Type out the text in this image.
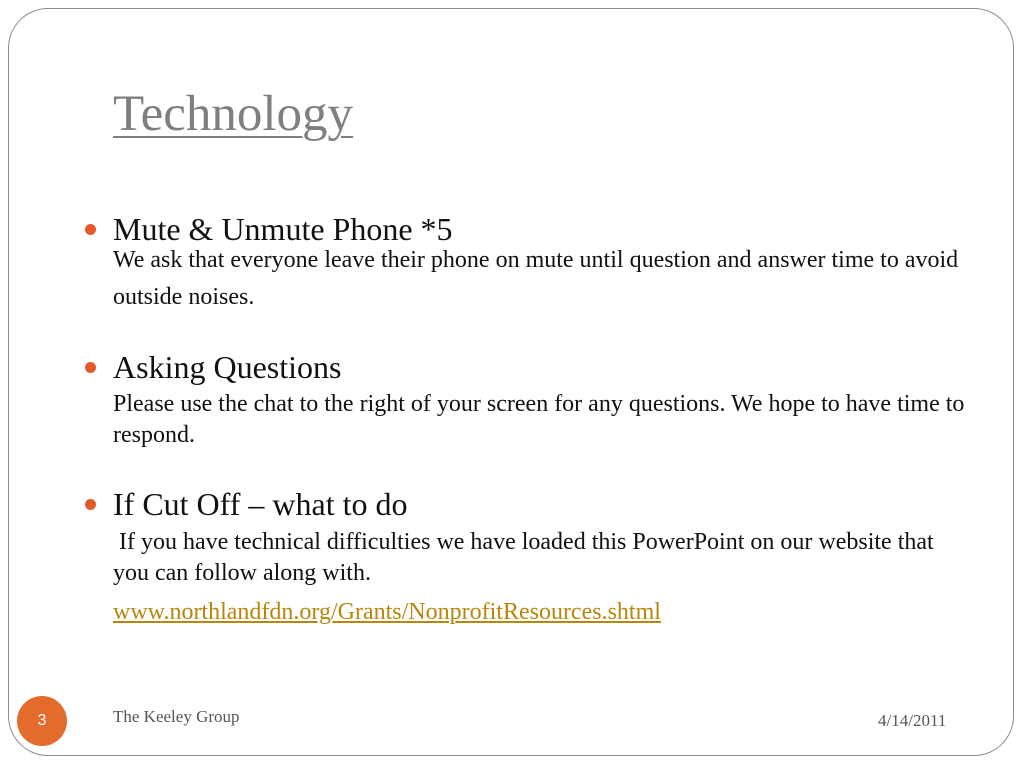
Technology
Mute & Unmute Phone *5

We ask that everyone leave their phone on mute until question and answer time to avoid outside noises.

Asking Questions

Please use the chat to the right of your screen for any questions. We hope to have time to respond.

If Cut Off – what to do

If you have technical difficulties we have loaded this PowerPoint on our website that you can follow along with.

www.northlandfdn.org/Grants/NonprofitResources.shtml
3	The Keeley Group	4/14/2011
